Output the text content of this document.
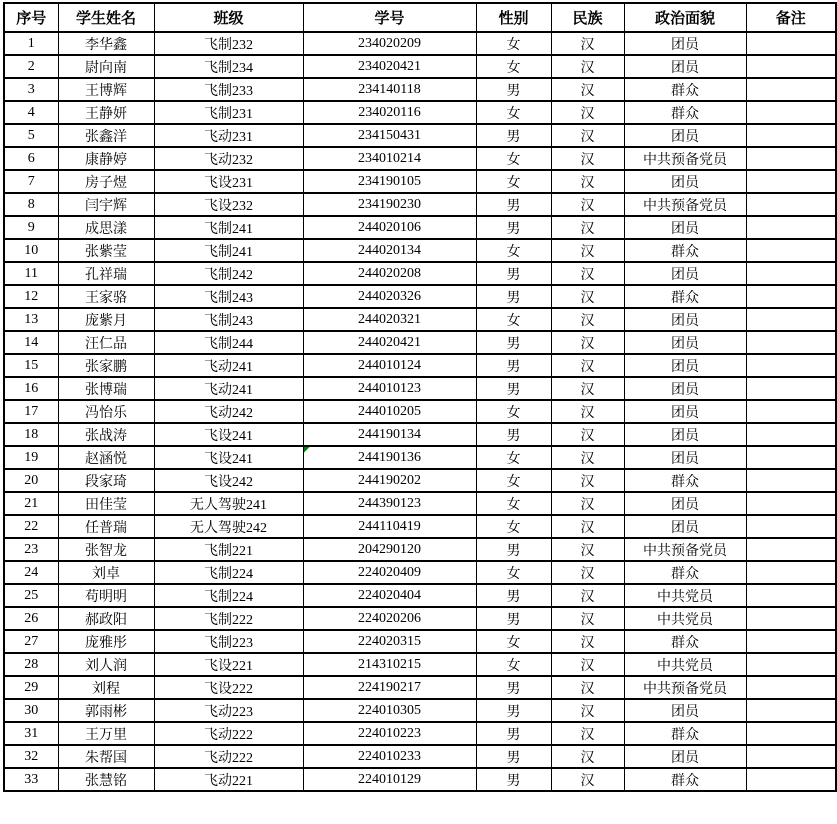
序号	学生姓名	班级	学号	性别	民族	政治面貌	备注
1	李华鑫	飞制232	234020209	女	汉	团员	
2	尉向南	飞制234	234020421	女	汉	团员	
3	王博辉	飞制233	234140118	男	汉	群众	
4	王静妍	飞制231	234020116	女	汉	群众	
5	张鑫洋	飞动231	234150431	男	汉	团员	
6	康静婷	飞动232	234010214	女	汉	中共预备党员	
7	房子煜	飞设231	234190105	女	汉	团员	
8	闫宇辉	飞设232	234190230	男	汉	中共预备党员	
9	成思漾	飞制241	244020106	男	汉	团员	
10	张紫莹	飞制241	244020134	女	汉	群众	
11	孔祥瑞	飞制242	244020208	男	汉	团员	
12	王家骆	飞制243	244020326	男	汉	群众	
13	庞紫月	飞制243	244020321	女	汉	团员	
14	汪仁品	飞制244	244020421	男	汉	团员	
15	张家鹏	飞动241	244010124	男	汉	团员	
16	张博瑞	飞动241	244010123	男	汉	团员	
17	冯怡乐	飞动242	244010205	女	汉	团员	
18	张战涛	飞设241	244190134	男	汉	团员	
19	赵涵悦	飞设241	244190136	女	汉	团员	
20	段家琦	飞设242	244190202	女	汉	群众	
21	田佳莹	无人驾驶241	244390123	女	汉	团员	
22	任普瑞	无人驾驶242	244110419	女	汉	团员	
23	张智龙	飞制221	204290120	男	汉	中共预备党员	
24	刘卓	飞制224	224020409	女	汉	群众	
25	苟明明	飞制224	224020404	男	汉	中共党员	
26	郝政阳	飞制222	224020206	男	汉	中共党员	
27	庞雅彤	飞制223	224020315	女	汉	群众	
28	刘人润	飞设221	214310215	女	汉	中共党员	
29	刘程	飞设222	224190217	男	汉	中共预备党员	
30	郭雨彬	飞动223	224010305	男	汉	团员	
31	王万里	飞动222	224010223	男	汉	群众	
32	朱帮国	飞动222	224010233	男	汉	团员	
33	张慧铭	飞动221	224010129	男	汉	群众	
